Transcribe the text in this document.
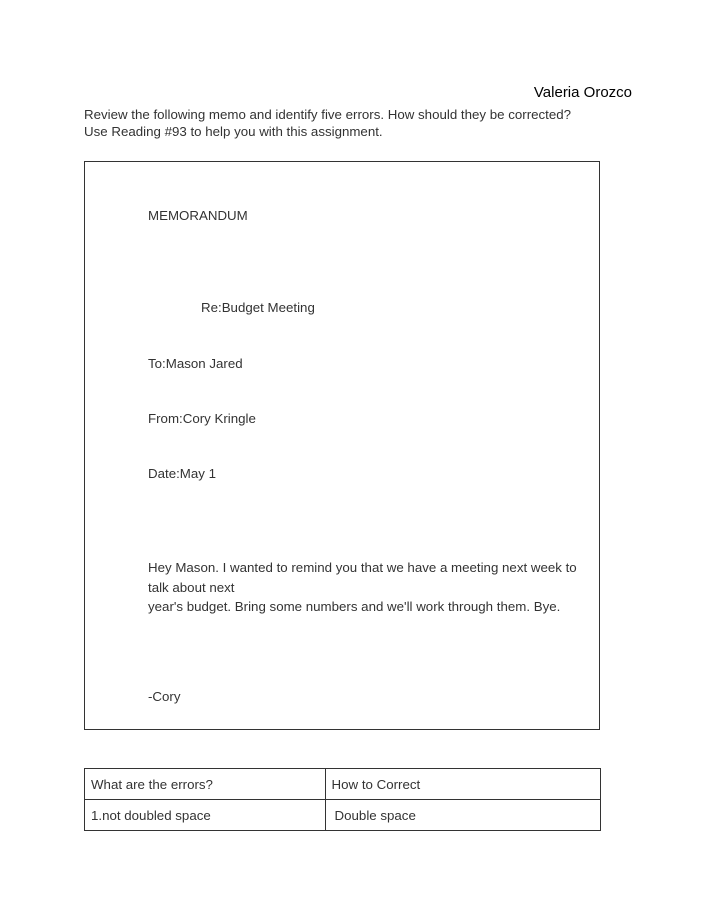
Valeria Orozco
Review the following memo and identify five errors. How should they be corrected?
Use Reading #93 to help you with this assignment.
MEMORANDUM
Re:Budget Meeting
To:Mason Jared
From:Cory Kringle
Date:May 1
Hey Mason. I wanted to remind you that we have a meeting next week to
talk about next
year's budget. Bring some numbers and we'll work through them. Bye.
-Cory
What are the errors?	How to Correct
1.not doubled space	Double space
